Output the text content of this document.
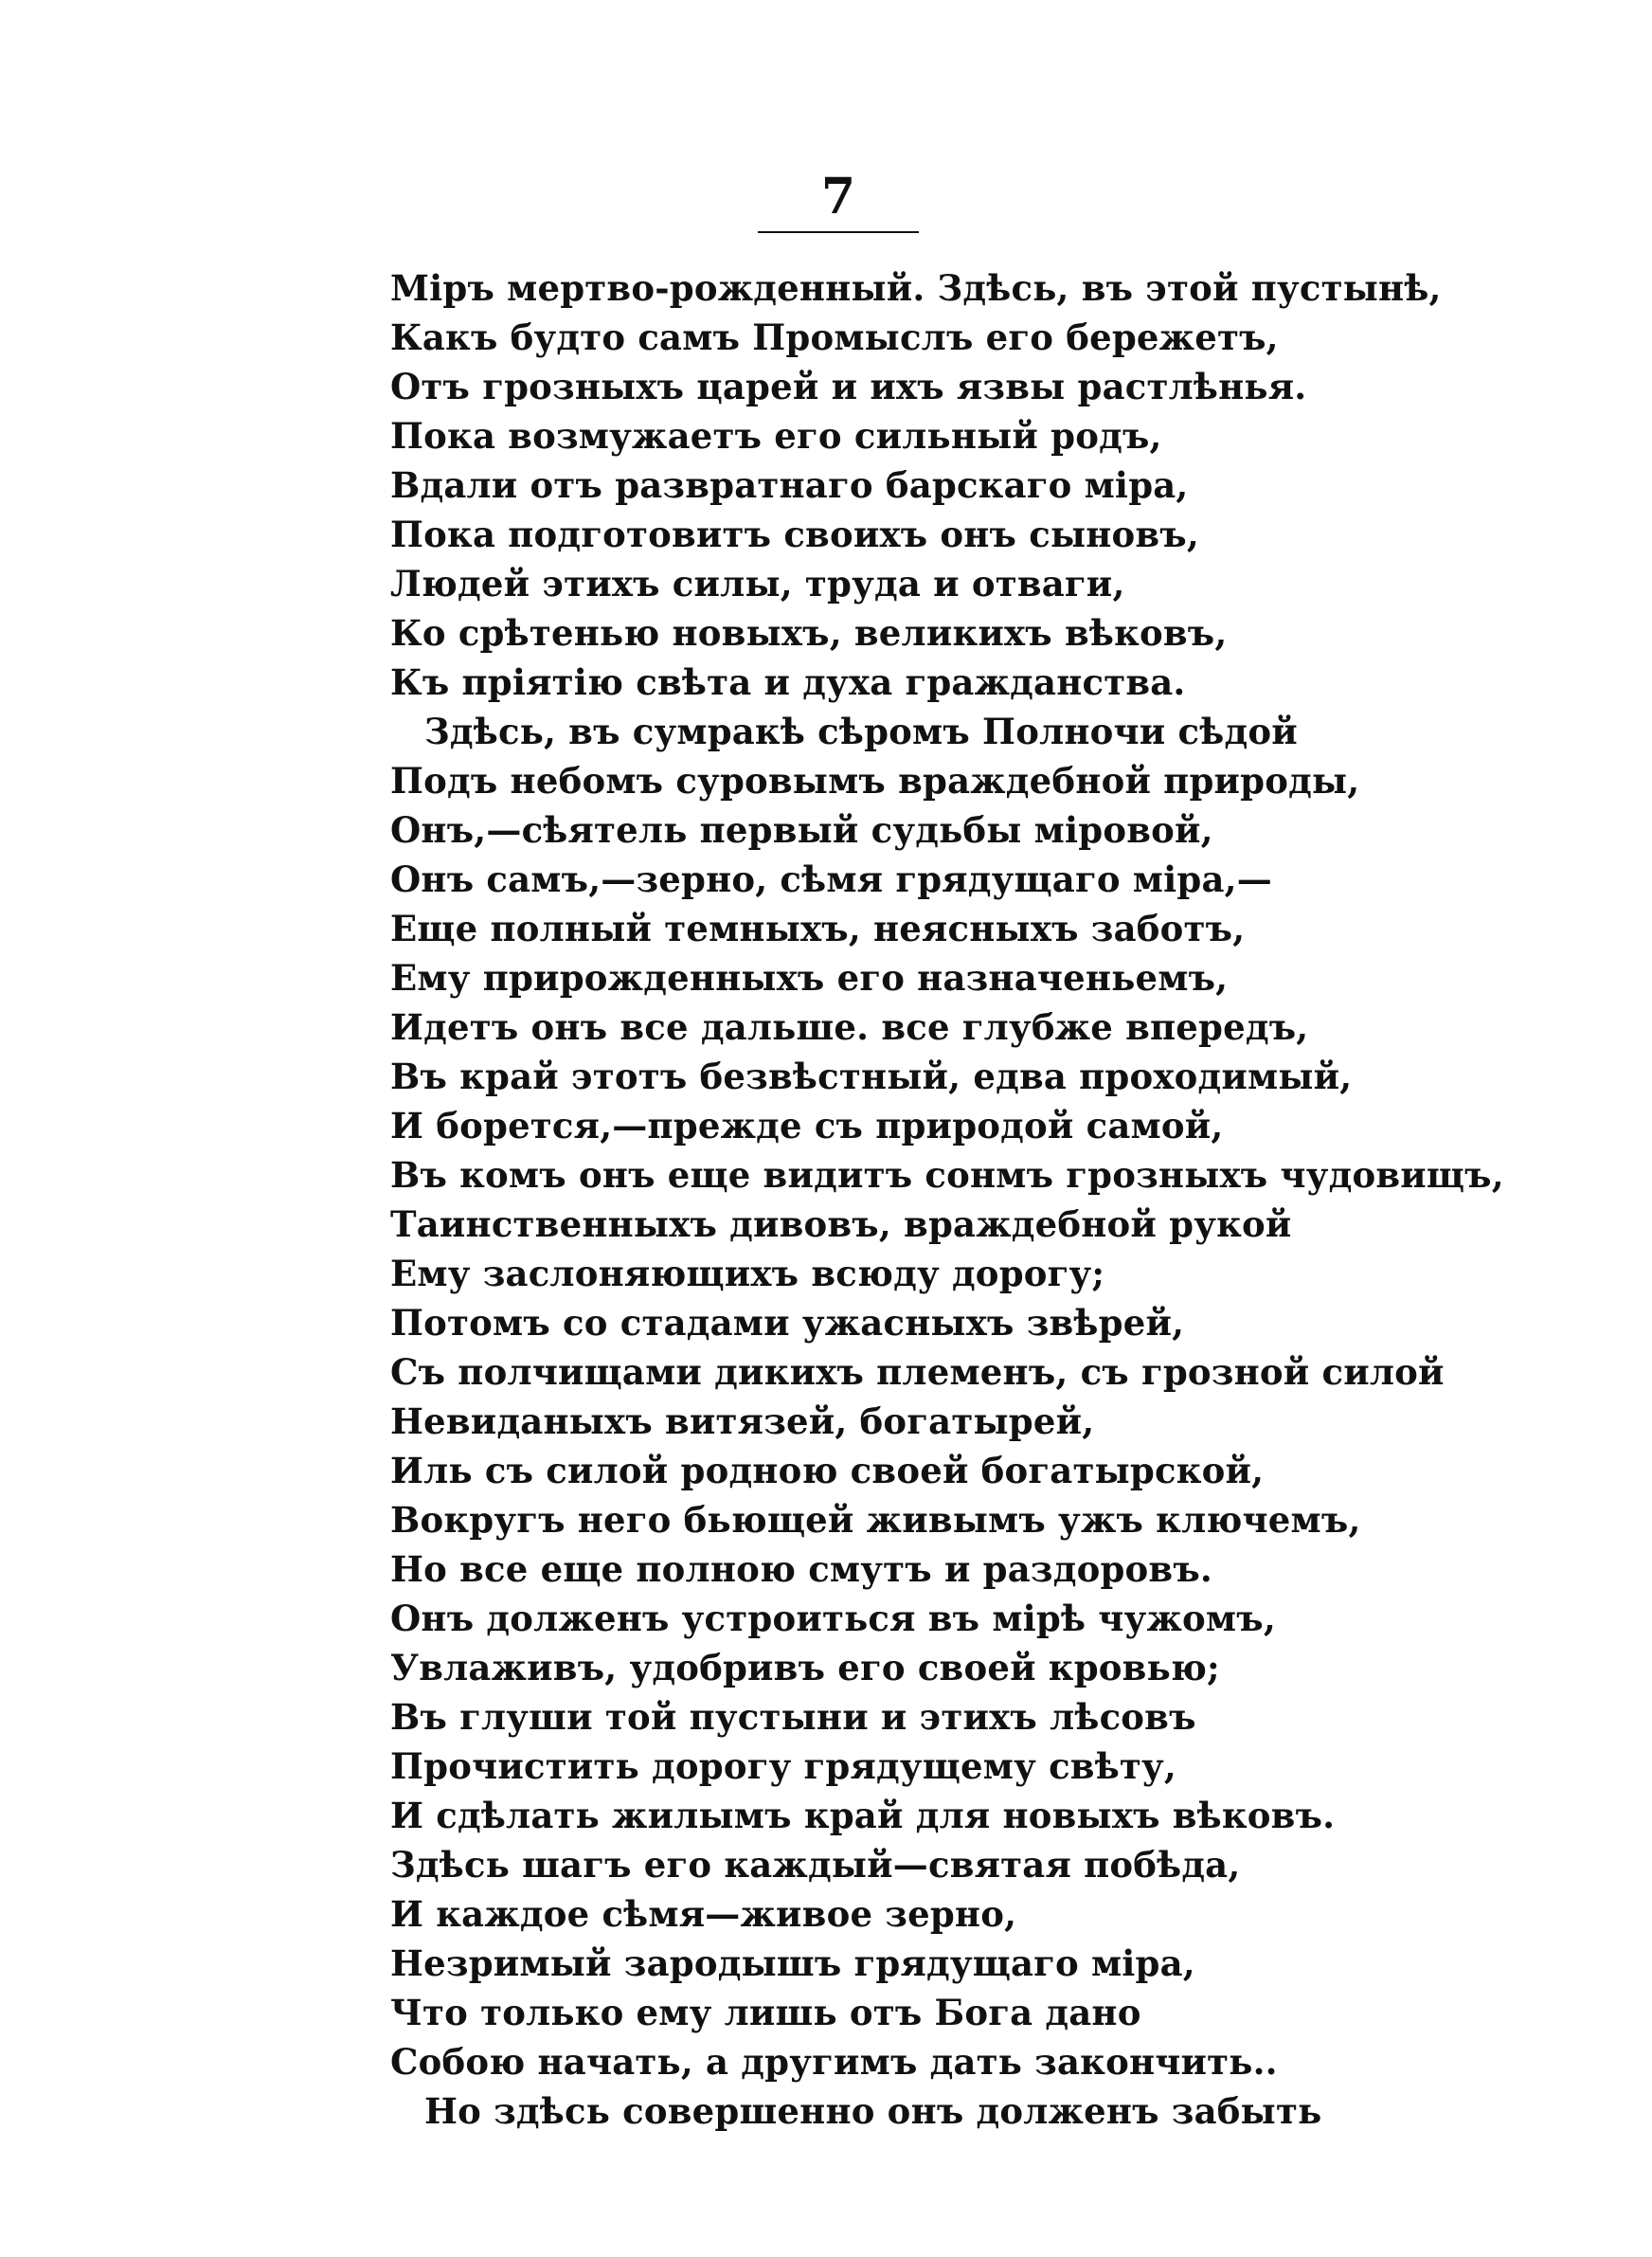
7
Міръ мертво-рожденный. Здѣсь, въ этой пустынѣ,
Какъ будто самъ Промыслъ его бережетъ,
Отъ грозныхъ царей и ихъ язвы растлѣнья.
Пока возмужаетъ его сильный родъ,
Вдали отъ развратнаго барскаго міра,
Пока подготовитъ своихъ онъ сыновъ,
Людей этихъ силы, труда и отваги,
Ко срѣтенью новыхъ, великихъ вѣковъ,
Къ пріятію свѣта и духа гражданства.
Здѣсь, въ сумракѣ сѣромъ Полночи сѣдой
Подъ небомъ суровымъ враждебной природы,
Онъ,—сѣятель первый судьбы міровой,
Онъ самъ,—зерно, сѣмя грядущаго міра,—
Еще полный темныхъ, неясныхъ заботъ,
Ему прирожденныхъ его назначеньемъ,
Идетъ онъ все дальше. все глубже впередъ,
Въ край этотъ безвѣстный, едва проходимый,
И борется,—прежде съ природой самой,
Въ комъ онъ еще видитъ сонмъ грозныхъ чудовищъ,
Таинственныхъ дивовъ, враждебной рукой
Ему заслоняющихъ всюду дорогу;
Потомъ со стадами ужасныхъ звѣрей,
Съ полчищами дикихъ племенъ, съ грозной силой
Невиданыхъ витязей, богатырей,
Иль съ силой родною своей богатырской,
Вокругъ него бьющей живымъ ужъ ключемъ,
Но все еще полною смутъ и раздоровъ.
Онъ долженъ устроиться въ мірѣ чужомъ,
Увлаживъ, удобривъ его своей кровью;
Въ глуши той пустыни и этихъ лѣсовъ
Прочистить дорогу грядущему свѣту,
И сдѣлать жилымъ край для новыхъ вѣковъ.
Здѣсь шагъ его каждый—святая побѣда,
И каждое сѣмя—живое зерно,
Незримый зародышъ грядущаго міра,
Что только ему лишь отъ Бога дано
Собою начать, а другимъ дать закончить..
Но здѣсь совершенно онъ долженъ забыть
